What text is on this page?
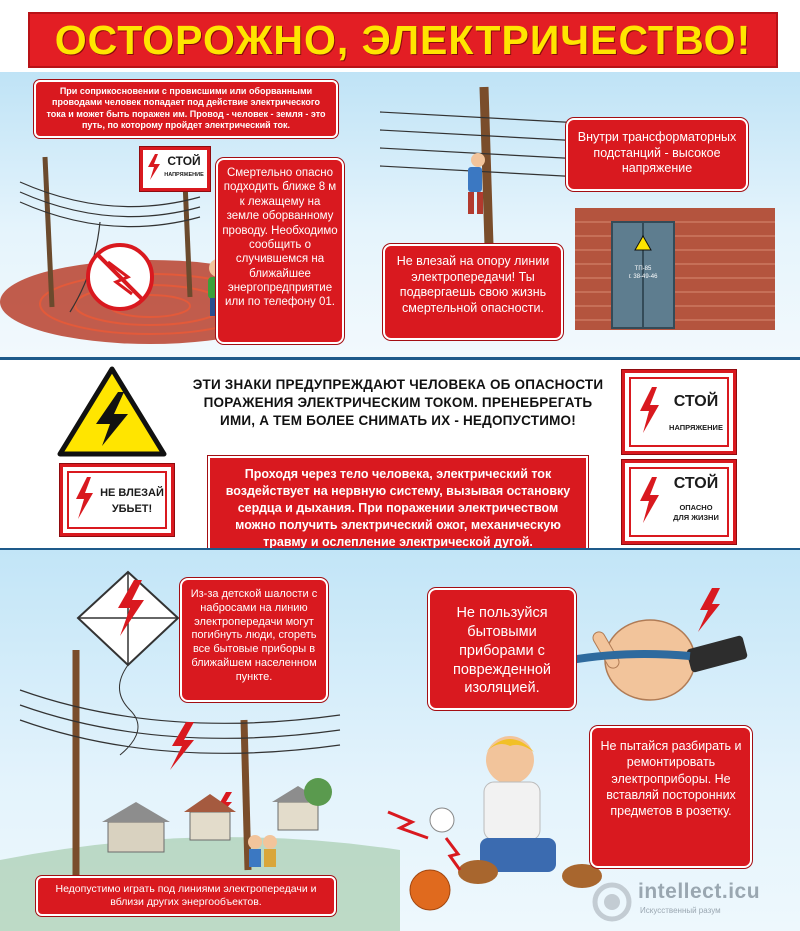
ОСТОРОЖНО, ЭЛЕКТРИЧЕСТВО!
При соприкосновении с провисшими или оборванными проводами человек попадает под действие электрического тока и может быть поражен им. Провод - человек - земля - это путь, по которому пройдет электрический ток.
СТОЙ
НАПРЯЖЕНИЕ	Смертельно опасно подходить ближе 8 м к лежащему на земле оборванному проводу. Необходимо сообщить о случившемся на ближайшее энергопредприятие или по телефону 01.
Не влезай на опору линии электропередачи! Ты подвергаешь свою жизнь смертельной опасности.
Внутри трансформаторных подстанций - высокое напряжение
ТП-85
г. 38-49-46
ЭТИ ЗНАКИ ПРЕДУПРЕЖДАЮТ ЧЕЛОВЕКА ОБ ОПАСНОСТИ ПОРАЖЕНИЯ ЭЛЕКТРИЧЕСКИМ ТОКОМ. ПРЕНЕБРЕГАТЬ ИМИ, А ТЕМ БОЛЕЕ СНИМАТЬ ИХ - НЕДОПУСТИМО!
СТОЙ
НАПРЯЖЕНИЕ
НЕ ВЛЕЗАЙ
УБЬЕТ!
Проходя через тело человека, электрический ток воздействует на нервную систему, вызывая остановку сердца и дыхания. При поражении электричеством можно получить электрический ожог, механическую травму и ослепление электрической дугой.
СТОЙ
ОПАСНО
ДЛЯ ЖИЗНИ
Из-за детской шалости с набросами на линию электропередачи могут погибнуть люди, сгореть все бытовые приборы в ближайшем населенном пункте.
Не пользуйся бытовыми приборами с поврежденной изоляцией.
Не пытайся разбирать и ремонтировать электроприборы. Не вставляй посторонних предметов в розетку.
Недопустимо играть под линиями электропередачи и вблизи других энергообъектов.	intellect.icu
Искусственный разум
